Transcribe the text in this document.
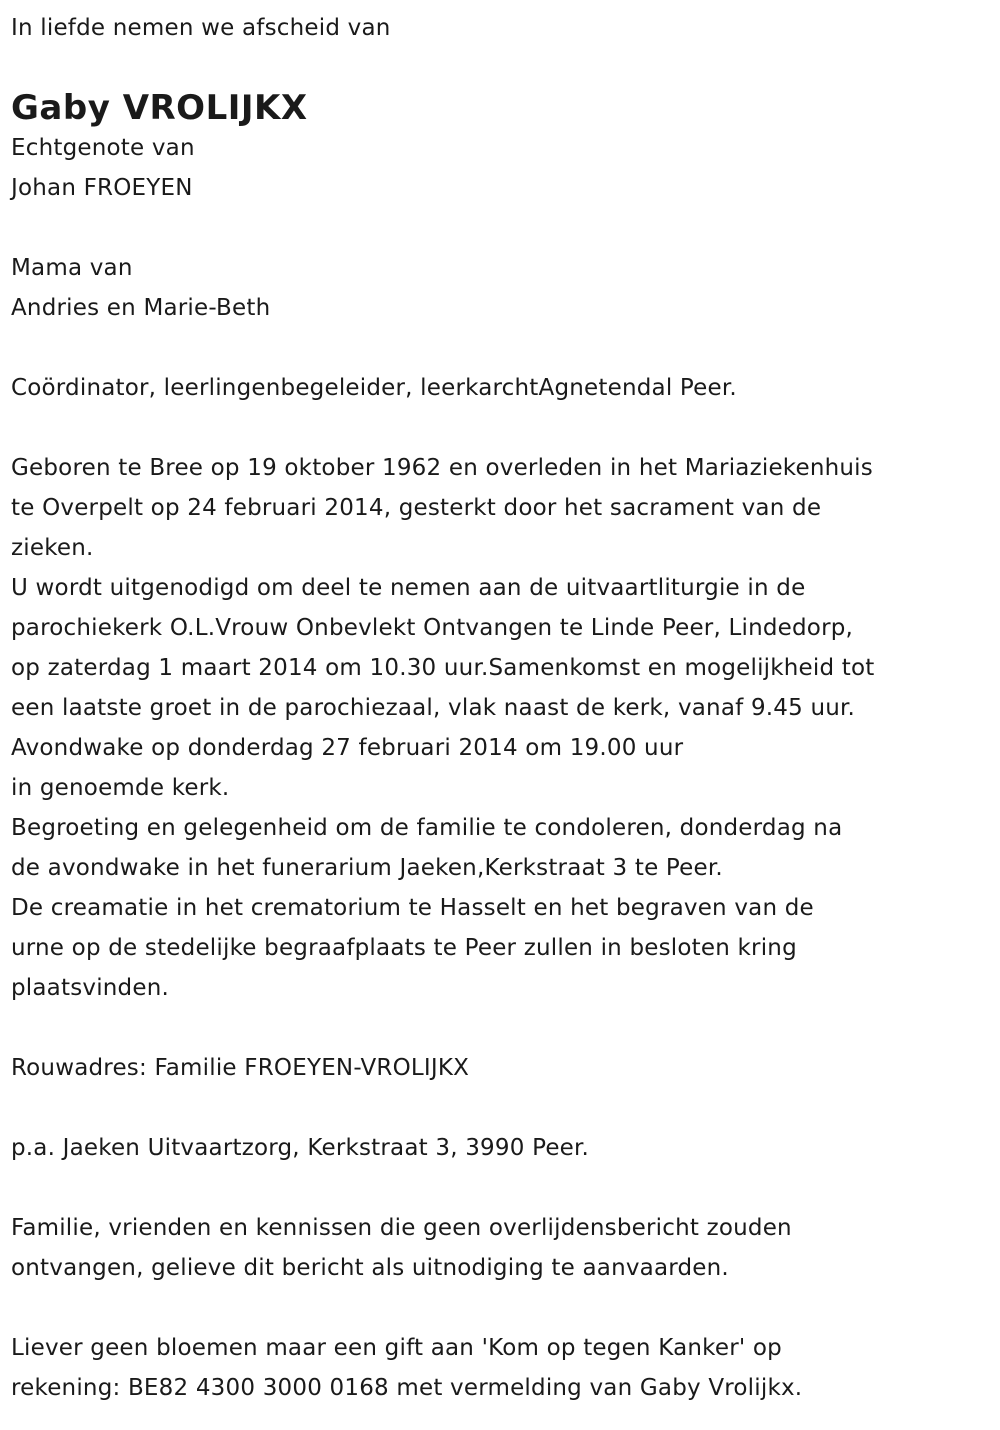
In liefde nemen we afscheid van
Gaby VROLIJKX
Echtgenote van
Johan FROEYEN
Mama van
Andries en Marie-Beth
Coördinator, leerlingenbegeleider, leerkarchtAgnetendal Peer.
Geboren te Bree op 19 oktober 1962 en overleden in het Mariaziekenhuis
te Overpelt op 24 februari 2014, gesterkt door het sacrament van de
zieken.
U wordt uitgenodigd om deel te nemen aan de uitvaartliturgie in de
parochiekerk O.L.Vrouw Onbevlekt Ontvangen te Linde Peer, Lindedorp,
op zaterdag 1 maart 2014 om 10.30 uur.Samenkomst en mogelijkheid tot
een laatste groet in de parochiezaal, vlak naast de kerk, vanaf 9.45 uur.
Avondwake op donderdag 27 februari 2014 om 19.00 uur
in genoemde kerk.
Begroeting en gelegenheid om de familie te condoleren, donderdag na
de avondwake in het funerarium Jaeken,Kerkstraat 3 te Peer.
De creamatie in het crematorium te Hasselt en het begraven van de
urne op de stedelijke begraafplaats te Peer zullen in besloten kring
plaatsvinden.
Rouwadres: Familie FROEYEN-VROLIJKX
p.a. Jaeken Uitvaartzorg, Kerkstraat 3, 3990 Peer.
Familie, vrienden en kennissen die geen overlijdensbericht zouden
ontvangen, gelieve dit bericht als uitnodiging te aanvaarden.
Liever geen bloemen maar een gift aan 'Kom op tegen Kanker' op
rekening: BE82 4300 3000 0168 met vermelding van Gaby Vrolijkx.
